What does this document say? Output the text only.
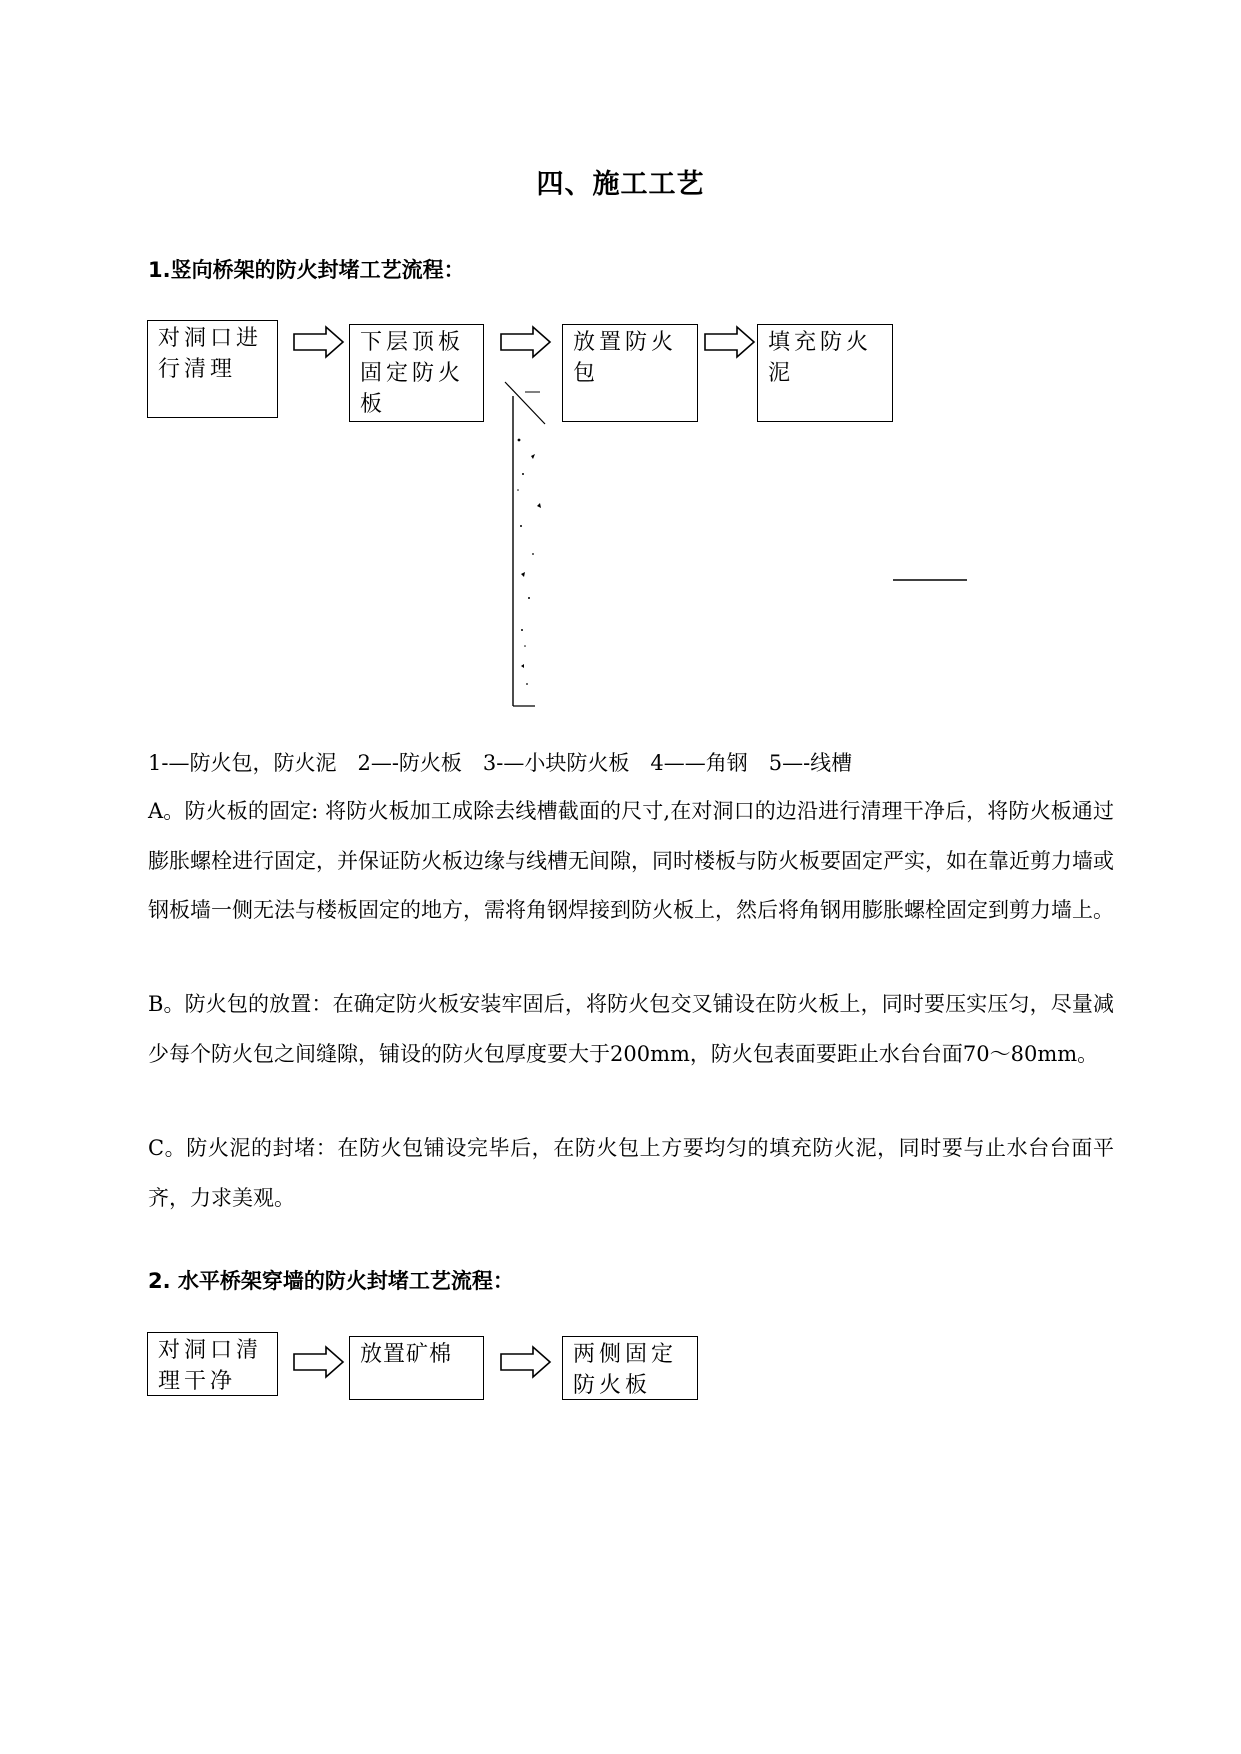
四、施工工艺
1.竖向桥架的防火封堵工艺流程：
对洞口进行清理
下层顶板固定防火板
放置防火包
填充防火泥
1-—防火包，防火泥　2—-防火板　3-—小块防火板　4——角钢　5—-线槽
A。防火板的固定: 将防火板加工成除去线槽截面的尺寸,在对洞口的边沿进行清理干净后，将防火板通过膨胀螺栓进行固定，并保证防火板边缘与线槽无间隙，同时楼板与防火板要固定严实，如在靠近剪力墙或钢板墙一侧无法与楼板固定的地方，需将角钢焊接到防火板上，然后将角钢用膨胀螺栓固定到剪力墙上。
B。防火包的放置：在确定防火板安装牢固后，将防火包交叉铺设在防火板上，同时要压实压匀，尽量减少每个防火包之间缝隙，铺设的防火包厚度要大于200mm，防火包表面要距止水台台面70～80mm。
C。防火泥的封堵：在防火包铺设完毕后，在防火包上方要均匀的填充防火泥，同时要与止水台台面平齐，力求美观。
2. 水平桥架穿墙的防火封堵工艺流程：
对洞口清理干净
放置矿棉	两侧固定防火板
